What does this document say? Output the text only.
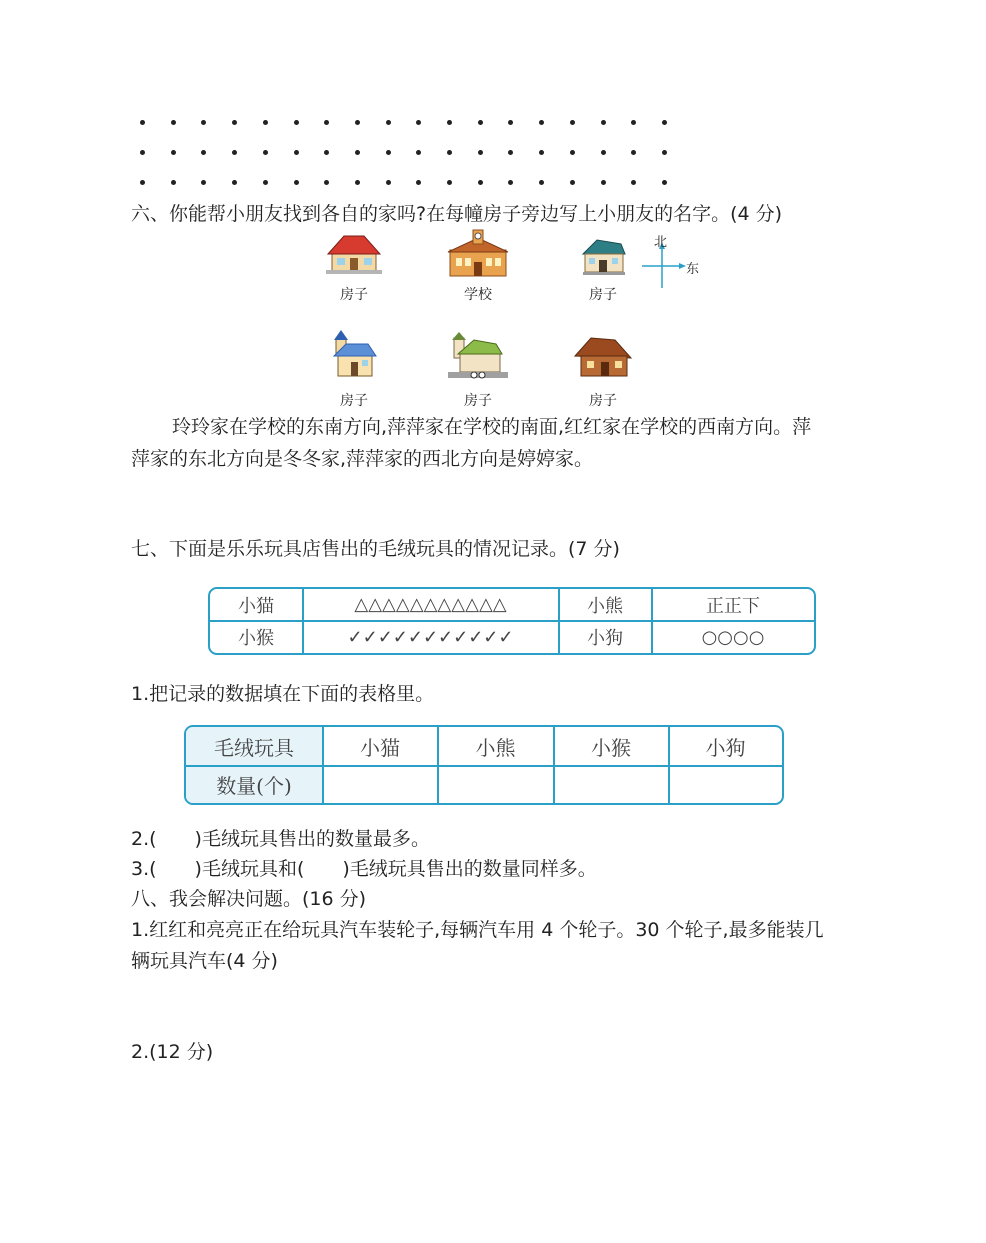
六、你能帮小朋友找到各自的家吗?在每幢房子旁边写上小朋友的名字。(4 分)
房子	学校	房子
北
东
房子	房子	房子
玲玲家在学校的东南方向,萍萍家在学校的南面,红红家在学校的西南方向。萍
萍家的东北方向是冬冬家,萍萍家的西北方向是婷婷家。
七、下面是乐乐玩具店售出的毛绒玩具的情况记录。(7 分)
小猫	△△△△△△△△△△△	小熊	正正下
小猴	✓✓✓✓✓✓✓✓✓✓✓	小狗	○○○○
1.把记录的数据填在下面的表格里。
毛绒玩具	小猫	小熊	小猴	小狗
数量(个)
2.(　　)毛绒玩具售出的数量最多。
3.(　　)毛绒玩具和(　　)毛绒玩具售出的数量同样多。
八、我会解决问题。(16 分)
1.红红和亮亮正在给玩具汽车装轮子,每辆汽车用 4 个轮子。30 个轮子,最多能装几
辆玩具汽车(4 分)
2.(12 分)
